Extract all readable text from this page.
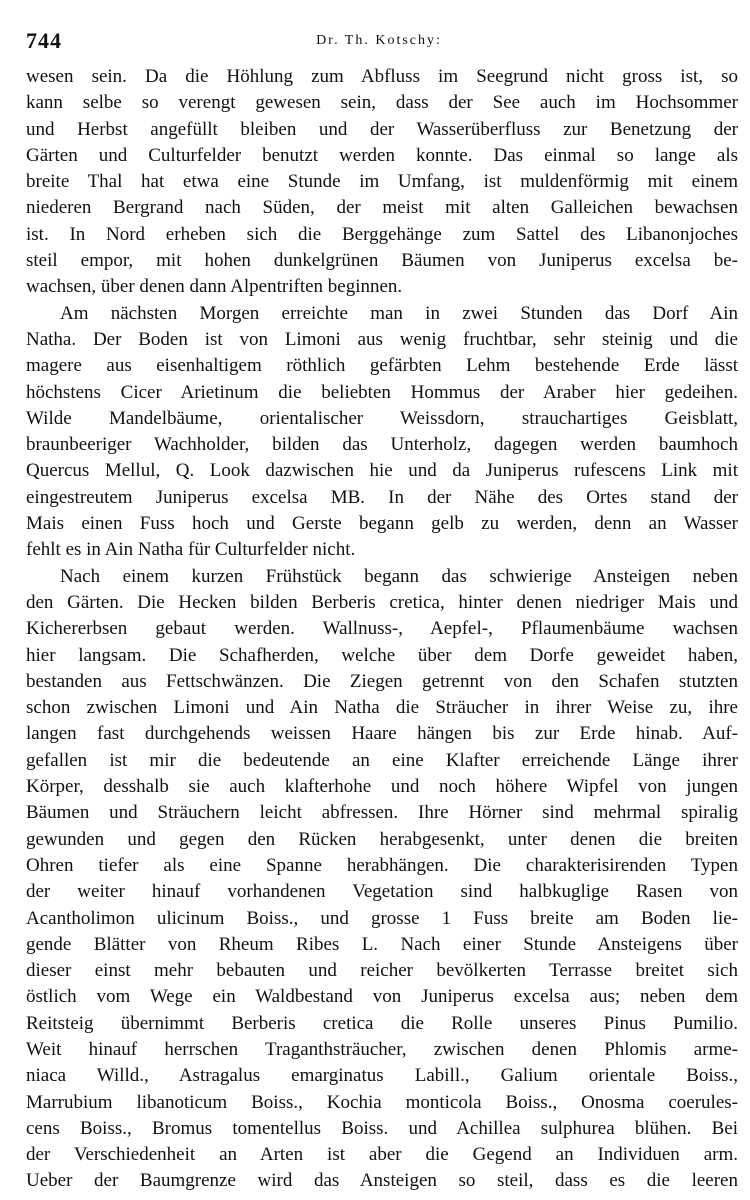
744	Dr. Th. Kotschy:
wesen sein. Da die Höhlung zum Abfluss im Seegrund nicht gross ist, so
kann selbe so verengt gewesen sein, dass der See auch im Hochsommer
und Herbst angefüllt bleiben und der Wasserüberfluss zur Benetzung der
Gärten und Culturfelder benutzt werden konnte. Das einmal so lange als
breite Thal hat etwa eine Stunde im Umfang, ist muldenförmig mit einem
niederen Bergrand nach Süden, der meist mit alten Galleichen bewachsen
ist. In Nord erheben sich die Berggehänge zum Sattel des Libanonjoches
steil empor, mit hohen dunkelgrünen Bäumen von Juniperus excelsa be-
wachsen, über denen dann Alpentriften beginnen.
Am nächsten Morgen erreichte man in zwei Stunden das Dorf Ain
Natha. Der Boden ist von Limoni aus wenig fruchtbar, sehr steinig und die
magere aus eisenhaltigem röthlich gefärbten Lehm bestehende Erde lässt
höchstens Cicer Arietinum die beliebten Hommus der Araber hier gedeihen.
Wilde Mandelbäume, orientalischer Weissdorn, strauchartiges Geisblatt,
braunbeeriger Wachholder, bilden das Unterholz, dagegen werden baumhoch
Quercus Mellul, Q. Look dazwischen hie und da Juniperus rufescens Link mit
eingestreutem Juniperus excelsa MB. In der Nähe des Ortes stand der
Mais einen Fuss hoch und Gerste begann gelb zu werden, denn an Wasser
fehlt es in Ain Natha für Culturfelder nicht.
Nach einem kurzen Frühstück begann das schwierige Ansteigen neben
den Gärten. Die Hecken bilden Berberis cretica, hinter denen niedriger Mais und
Kichererbsen gebaut werden. Wallnuss-, Aepfel-, Pflaumenbäume wachsen
hier langsam. Die Schafherden, welche über dem Dorfe geweidet haben,
bestanden aus Fettschwänzen. Die Ziegen getrennt von den Schafen stutzten
schon zwischen Limoni und Ain Natha die Sträucher in ihrer Weise zu, ihre
langen fast durchgehends weissen Haare hängen bis zur Erde hinab. Auf-
gefallen ist mir die bedeutende an eine Klafter erreichende Länge ihrer
Körper, desshalb sie auch klafterhohe und noch höhere Wipfel von jungen
Bäumen und Sträuchern leicht abfressen. Ihre Hörner sind mehrmal spiralig
gewunden und gegen den Rücken herabgesenkt, unter denen die breiten
Ohren tiefer als eine Spanne herabhängen. Die charakterisirenden Typen
der weiter hinauf vorhandenen Vegetation sind halbkuglige Rasen von
Acantholimon ulicinum Boiss., und grosse 1 Fuss breite am Boden lie-
gende Blätter von Rheum Ribes L. Nach einer Stunde Ansteigens über
dieser einst mehr bebauten und reicher bevölkerten Terrasse breitet sich
östlich vom Wege ein Waldbestand von Juniperus excelsa aus; neben dem
Reitsteig übernimmt Berberis cretica die Rolle unseres Pinus Pumilio.
Weit hinauf herrschen Traganthsträucher, zwischen denen Phlomis arme-
niaca Willd., Astragalus emarginatus Labill., Galium orientale Boiss.,
Marrubium libanoticum Boiss., Kochia monticola Boiss., Onosma coerules-
cens Boiss., Bromus tomentellus Boiss. und Achillea sulphurea blühen. Bei
der Verschiedenheit an Arten ist aber die Gegend an Individuen arm.
Ueber der Baumgrenze wird das Ansteigen so steil, dass es die leeren
